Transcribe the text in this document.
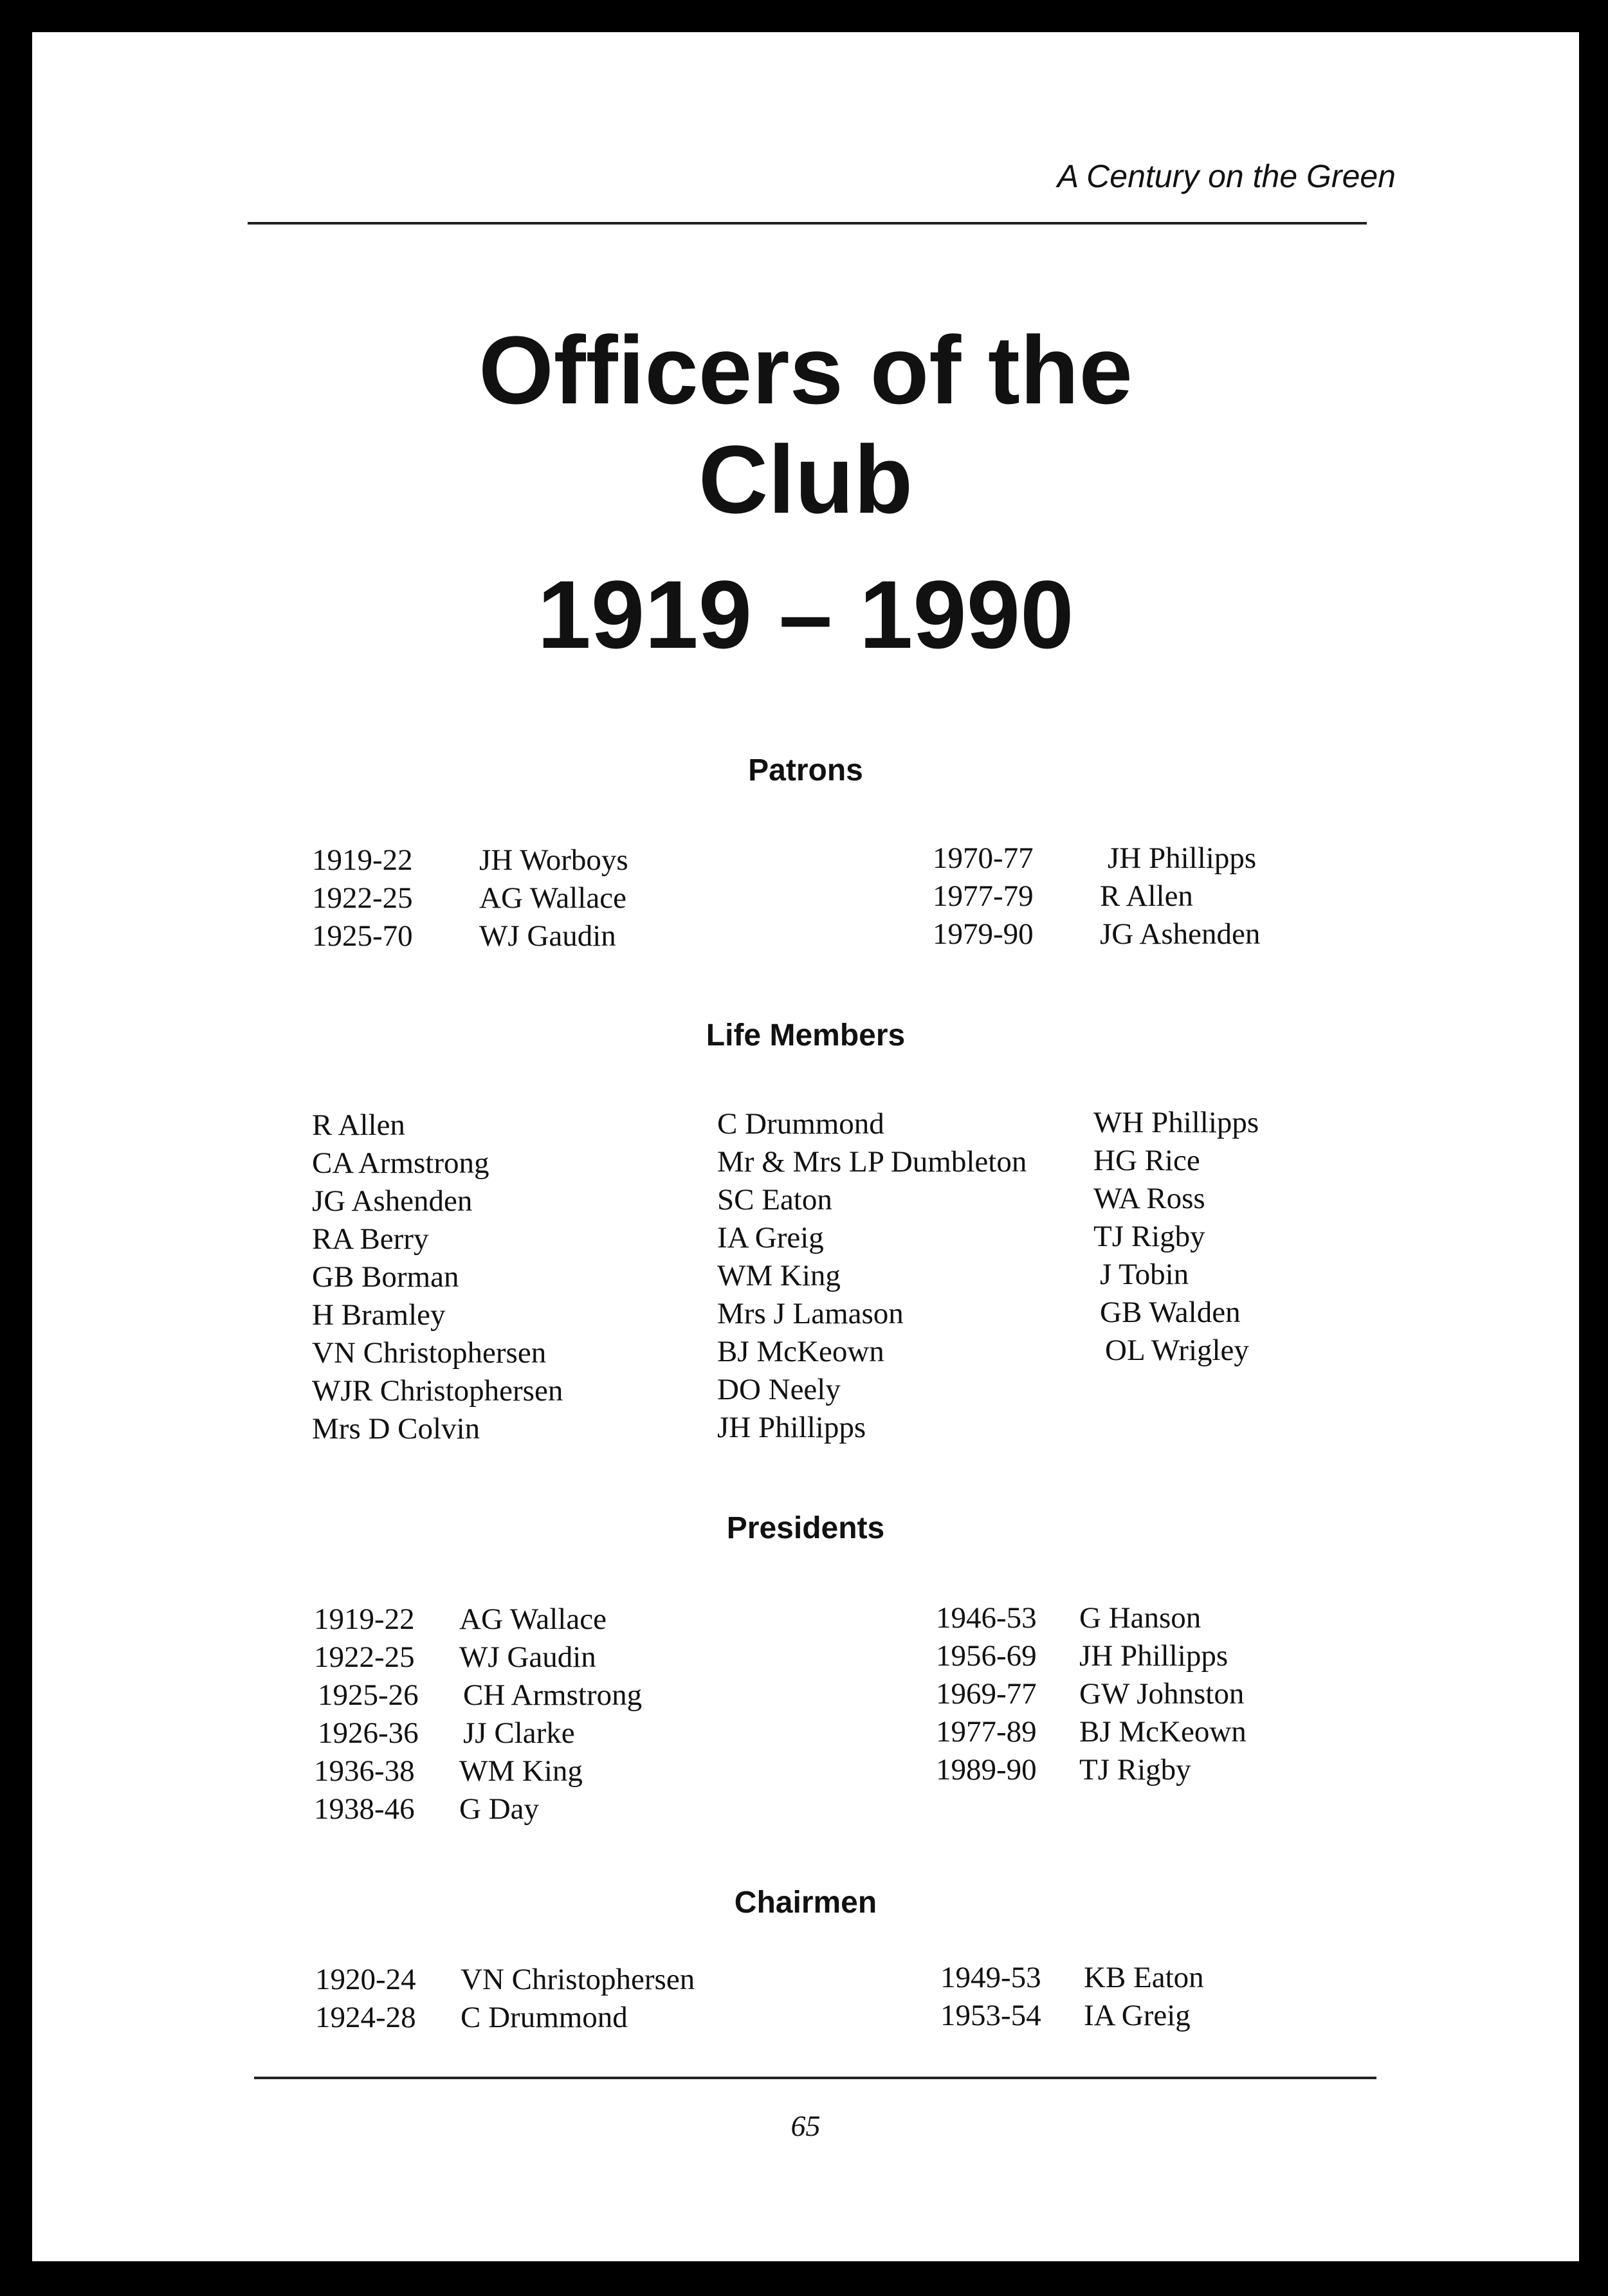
A Century on the Green
Officers of the
Club
1919 – 1990
Patrons
1919-22 JH Worboys
1922-25 AG Wallace
1925-70 WJ Gaudin
1970-77 JH Phillipps
1977-79 R Allen
1979-90 JG Ashenden
Life Members
R Allen
CA Armstrong
JG Ashenden
RA Berry
GB Borman
H Bramley
VN Christophersen
WJR Christophersen
Mrs D Colvin
C Drummond
Mr & Mrs LP Dumbleton
SC Eaton
IA Greig
WM King
Mrs J Lamason
BJ McKeown
DO Neely
JH Phillipps
WH Phillipps
HG Rice
WA Ross
TJ Rigby
J Tobin
GB Walden
OL Wrigley
Presidents
1919-22 AG Wallace
1922-25 WJ Gaudin
1925-26 CH Armstrong
1926-36 JJ Clarke
1936-38 WM King
1938-46 G Day
1946-53 G Hanson
1956-69 JH Phillipps
1969-77 GW Johnston
1977-89 BJ McKeown
1989-90 TJ Rigby
Chairmen
1920-24 VN Christophersen
1924-28 C Drummond
1949-53 KB Eaton
1953-54 IA Greig
65
